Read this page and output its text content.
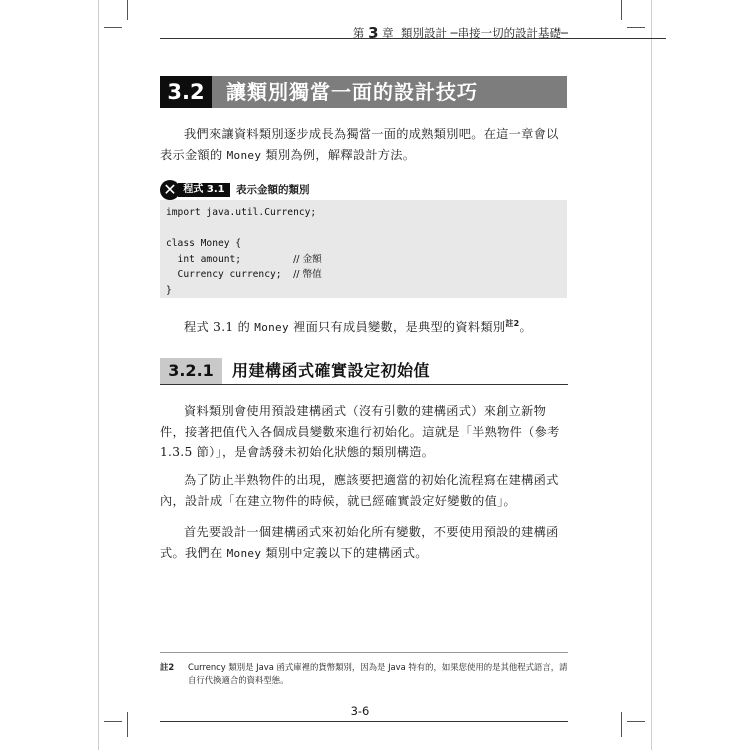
第 3 章 類別設計 ─串接一切的設計基礎─
3.2	讓類別獨當一面的設計技巧

我們來讓資料類別逐步成長為獨當一面的成熟類別吧。在這一章會以表示金額的 Money 類別為例，解釋設計方法。

程式 3.1
✕	表示金額的類別
import java.util.Currency;
class Money {
int amount;         // 金額
Currency currency;  // 幣值
}

程式 3.1 的 Money 裡面只有成員變數，是典型的資料類別$^{註2}$。

3.2.1	用建構函式確實設定初始值

資料類別會使用預設建構函式（沒有引數的建構函式）來創立新物件，接著把值代入各個成員變數來進行初始化。這就是「半熟物件（參考 1.3.5 節）」，是會誘發未初始化狀態的類別構造。

為了防止半熟物件的出現，應該要把適當的初始化流程寫在建構函式內，設計成「在建立物件的時候，就已經確實設定好變數的值」。

首先要設計一個建構函式來初始化所有變數，不要使用預設的建構函式。我們在 Money 類別中定義以下的建構函式。

註2 Currency 類別是 Java 函式庫裡的貨幣類別，因為是 Java 特有的，如果您使用的是其他程式語言，請自行代換適合的資料型態。
3-6
